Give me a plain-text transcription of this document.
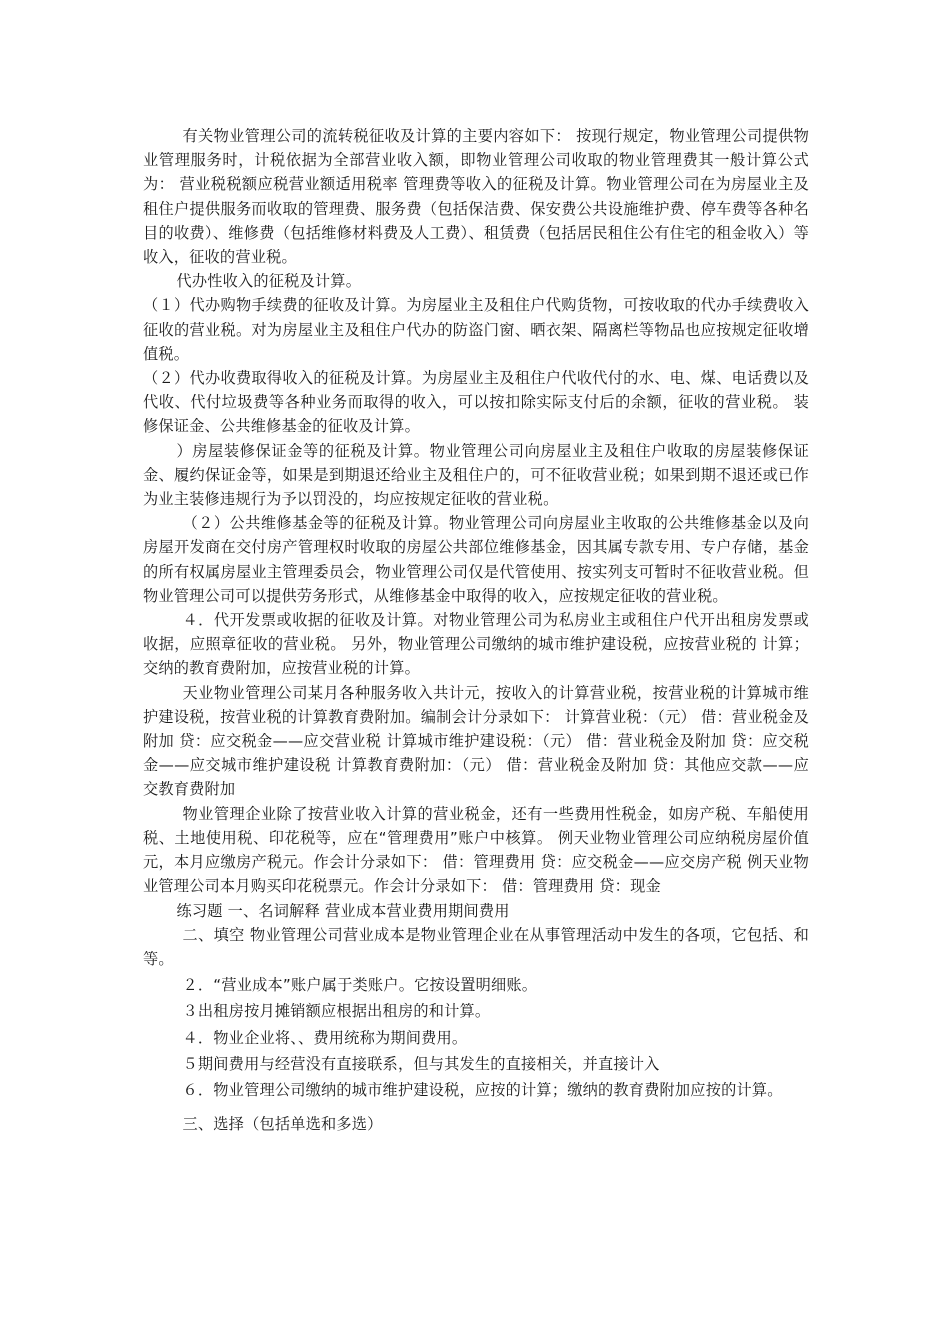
有关物业管理公司的流转税征收及计算的主要内容如下： 按现行规定，物业管理公司提供物业管理服务时，计税依据为全部营业收入额，即物业管理公司收取的物业管理费其一般计算公式为： 营业税税额应税营业额适用税率 管理费等收入的征税及计算。物业管理公司在为房屋业主及租住户提供服务而收取的管理费、服务费（包括保洁费、保安费公共设施维护费、停车费等各种名目的收费）、维修费（包括维修材料费及人工费）、租赁费（包括居民租住公有住宅的租金收入）等收入，征收的营业税。

代办性收入的征税及计算。

（１）代办购物手续费的征收及计算。为房屋业主及租住户代购货物，可按收取的代办手续费收入征收的营业税。对为房屋业主及租住户代办的防盗门窗、晒衣架、隔离栏等物品也应按规定征收增值税。

（２）代办收费取得收入的征税及计算。为房屋业主及租住户代收代付的水、电、煤、电话费以及代收、代付垃圾费等各种业务而取得的收入，可以按扣除实际支付后的余额，征收的营业税。 装修保证金、公共维修基金的征收及计算。

）房屋装修保证金等的征税及计算。物业管理公司向房屋业主及租住户收取的房屋装修保证金、履约保证金等，如果是到期退还给业主及租住户的，可不征收营业税；如果到期不退还或已作为业主装修违规行为予以罚没的，均应按规定征收的营业税。

（２）公共维修基金等的征税及计算。物业管理公司向房屋业主收取的公共维修基金以及向房屋开发商在交付房产管理权时收取的房屋公共部位维修基金，因其属专款专用、专户存储，基金的所有权属房屋业主管理委员会，物业管理公司仅是代管使用、按实列支可暂时不征收营业税。但物业管理公司可以提供劳务形式，从维修基金中取得的收入，应按规定征收的营业税。

４．代开发票或收据的征收及计算。对物业管理公司为私房业主或租住户代开出租房发票或收据，应照章征收的营业税。 另外，物业管理公司缴纳的城市维护建设税，应按营业税的 计算；交纳的教育费附加，应按营业税的计算。

天业物业管理公司某月各种服务收入共计元，按收入的计算营业税，按营业税的计算城市维护建设税，按营业税的计算教育费附加。编制会计分录如下： 计算营业税：（元） 借：营业税金及附加 贷：应交税金——应交营业税 计算城市维护建设税：（元） 借：营业税金及附加 贷：应交税金——应交城市维护建设税 计算教育费附加：（元） 借：营业税金及附加 贷：其他应交款——应交教育费附加

物业管理企业除了按营业收入计算的营业税金，还有一些费用性税金，如房产税、车船使用税、土地使用税、印花税等，应在“管理费用”账户中核算。 例天业物业管理公司应纳税房屋价值元，本月应缴房产税元。作会计分录如下： 借：管理费用 贷：应交税金——应交房产税 例天业物业管理公司本月购买印花税票元。作会计分录如下： 借：管理费用 贷：现金

练习题 一、名词解释 营业成本营业费用期间费用

二、填空 物业管理公司营业成本是物业管理企业在从事管理活动中发生的各项，它包括、和等。

２．“营业成本”账户属于类账户。它按设置明细账。

３出租房按月摊销额应根据出租房的和计算。

４．物业企业将、、费用统称为期间费用。

５期间费用与经营没有直接联系，但与其发生的直接相关，并直接计入

６．物业管理公司缴纳的城市维护建设税，应按的计算；缴纳的教育费附加应按的计算。

三、选择（包括单选和多选）
